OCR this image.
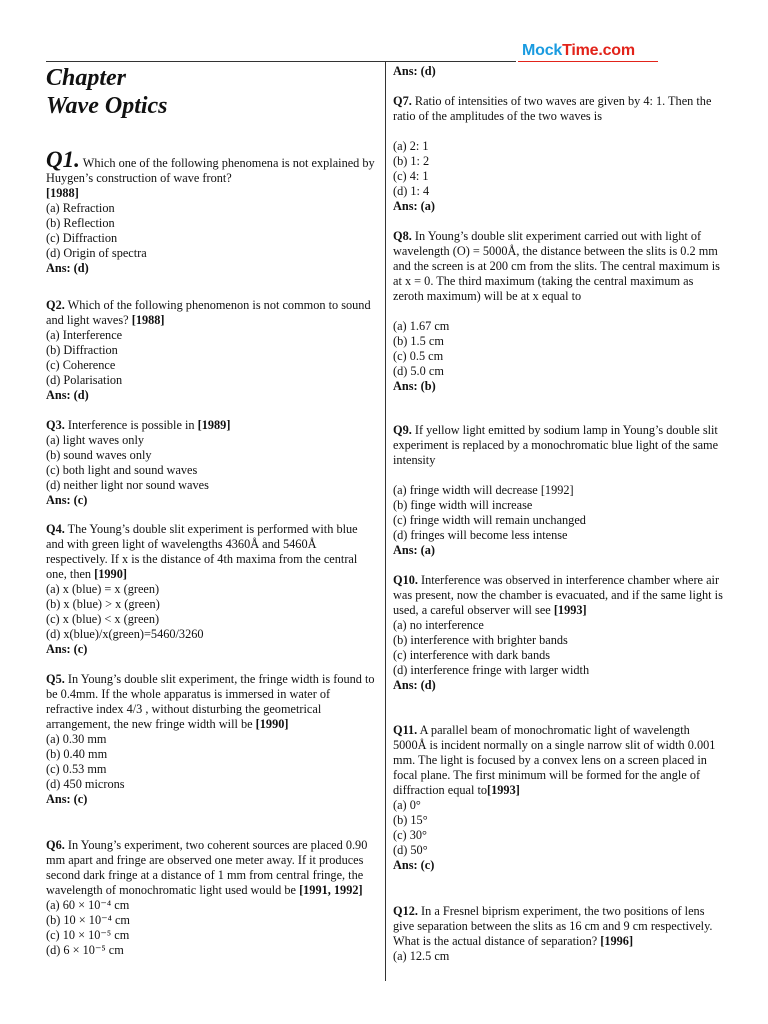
MockTime.com
Chapter
Wave Optics

Q1. Which one of the following phenomena is not explained by Huygen’s construction of wave front?
[1988]

(a) Refraction

(b) Reflection

(c) Diffraction

(d) Origin of spectra

Ans: (d)

Q2. Which of the following phenomenon is not common to sound and light waves? [1988]

(a) Interference

(b) Diffraction

(c) Coherence

(d) Polarisation

Ans: (d)

Q3. Interference is possible in [1989]

(a) light waves only

(b) sound waves only

(c) both light and sound waves

(d) neither light nor sound waves

Ans: (c)

Q4. The Young’s double slit experiment is performed with blue and with green light of wavelengths 4360Å and 5460Å respectively. If x is the distance of 4th maxima from the central one, then [1990]

(a) x (blue) = x (green)

(b) x (blue) > x (green)

(c) x (blue) < x (green)

(d) x(blue)/x(green)=5460/3260

Ans: (c)

Q5. In Young’s double slit experiment, the fringe width is found to be 0.4mm. If the whole apparatus is immersed in water of refractive index 4/3 , without disturbing the geometrical arrangement, the new fringe width will be [1990]

(a) 0.30 mm

(b) 0.40 mm

(c) 0.53 mm

(d) 450 microns

Ans: (c)

Q6. In Young’s experiment, two coherent sources are placed 0.90 mm apart and fringe are observed one meter away. If it produces second dark fringe at a distance of 1 mm from central fringe, the wavelength of monochromatic light used would be [1991, 1992]

(a) 60 × 10⁻⁴ cm

(b) 10 × 10⁻⁴ cm

(c) 10 × 10⁻⁵ cm

(d) 6 × 10⁻⁵ cm

Ans: (d)

Q7. Ratio of intensities of two waves are given by 4: 1. Then the ratio of the amplitudes of the two waves is

(a) 2: 1

(b) 1: 2

(c) 4: 1

(d) 1: 4

Ans: (a)

Q8. In Young’s double slit experiment carried out with light of wavelength (O) = 5000Å, the distance between the slits is 0.2 mm and the screen is at 200 cm from the slits. The central maximum is at x = 0. The third maximum (taking the central maximum as zeroth maximum) will be at x equal to

(a) 1.67 cm

(b) 1.5 cm

(c) 0.5 cm

(d) 5.0 cm

Ans: (b)

Q9. If yellow light emitted by sodium lamp in Young’s double slit experiment is replaced by a monochromatic blue light of the same intensity

(a) fringe width will decrease [1992]

(b) finge width will increase

(c) fringe width will remain unchanged

(d) fringes will become less intense

Ans: (a)

Q10. Interference was observed in interference chamber where air was present, now the chamber is evacuated, and if the same light is used, a careful observer will see [1993]

(a) no interference

(b) interference with brighter bands

(c) interference with dark bands

(d) interference fringe with larger width

Ans: (d)

Q11. A parallel beam of monochromatic light of wavelength 5000Å is incident normally on a single narrow slit of width 0.001 mm. The light is focused by a convex lens on a screen placed in focal plane. The first minimum will be formed for the angle of diffraction equal to[1993]

(a) 0°

(b) 15°

(c) 30°

(d) 50°

Ans: (c)

Q12. In a Fresnel biprism experiment, the two positions of lens give separation between the slits as 16 cm and 9 cm respectively. What is the actual distance of separation? [1996]

(a) 12.5 cm
